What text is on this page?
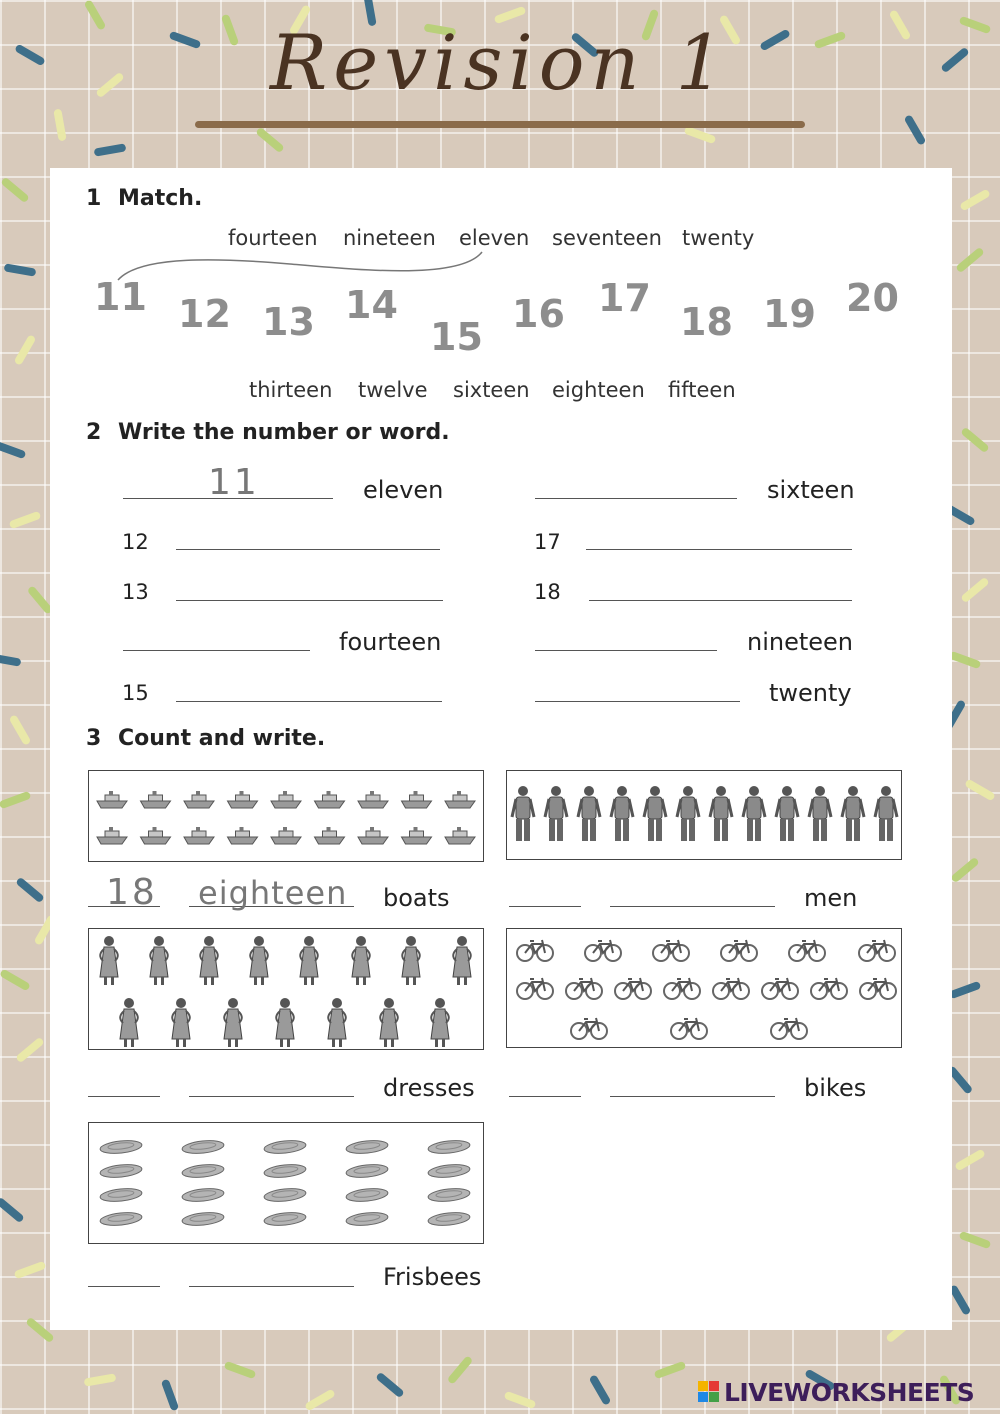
Revision 1
1 Match.
fourteen nineteen eleven seventeen twenty
11 12 13 14
15
16 17
18 19 20
thirteen twelve sixteen eighteen fifteen
2 Write the number or word.
11	eleven	sixteen
12	17
13	18
fourteen	nineteen
15	twenty
3 Count and write.
18 eighteen boats	men
dresses	bikes
Frisbees
LIVEWORKSHEETS
